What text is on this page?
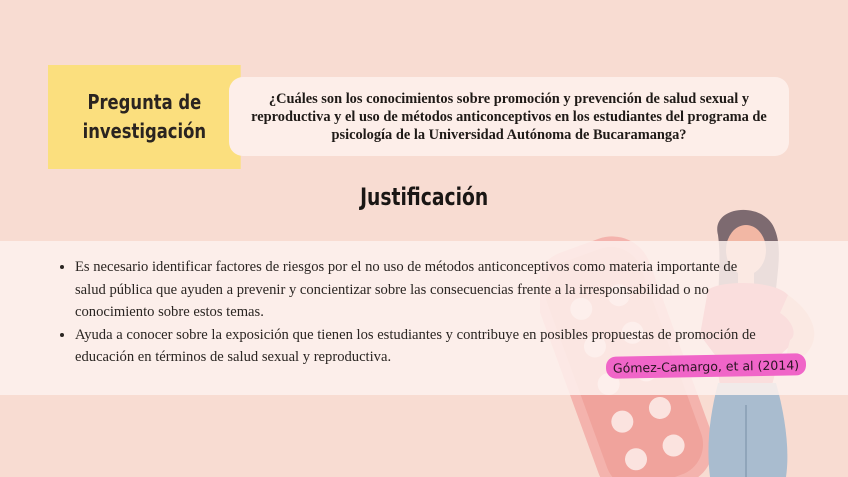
Pregunta de
investigación
¿Cuáles son los conocimientos sobre promoción y prevención de salud sexual y reproductiva y el uso de métodos anticonceptivos en los estudiantes del programa de psicología de la Universidad Autónoma de Bucaramanga?
Justificación
• Es necesario identificar factores de riesgos por el no uso de métodos anticonceptivos como materia importante de salud pública que ayuden a prevenir y concientizar sobre las consecuencias frente a la irresponsabilidad o no conocimiento sobre estos temas.
• Ayuda a conocer sobre la exposición que tienen los estudiantes y contribuye en posibles propuestas de promoción de educación en términos de salud sexual y reproductiva.	Gómez-Camargo, et al (2014)
